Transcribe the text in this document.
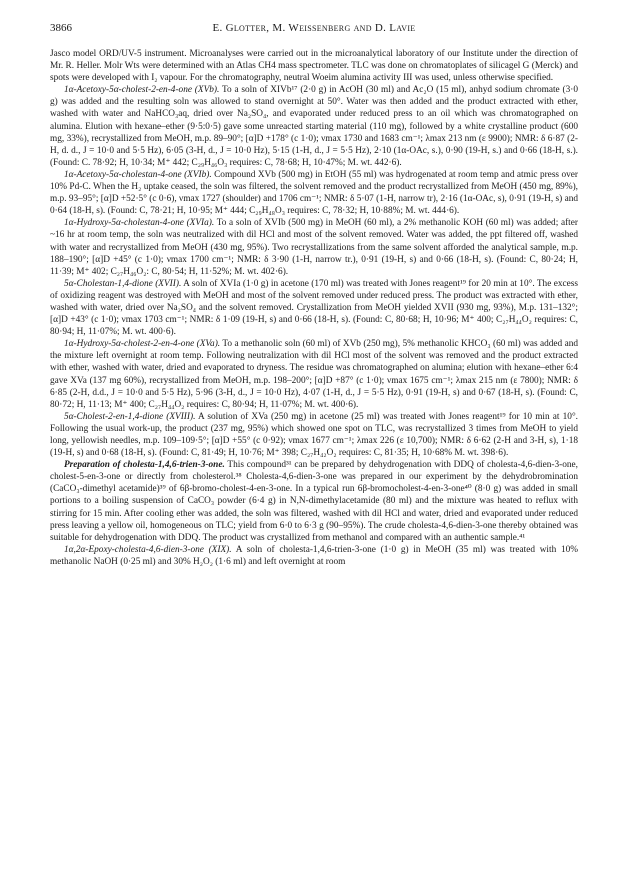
3866	E. Glotter, M. Weissenberg and D. Lavie

Jasco model ORD/UV-5 instrument. Microanalyses were carried out in the microanalytical laboratory of our Institute under the direction of Mr. R. Heller. Molr Wts were determined with an Atlas CH4 mass spectrometer. TLC was done on chromatoplates of silicagel G (Merck) and spots were developed with I₂ vapour. For the chromatography, neutral Woeim alumina activity III was used, unless otherwise specified.

1α-Acetoxy-5α-cholest-2-en-4-one (XVb). To a soln of XIVb¹⁷ (2·0 g) in AcOH (30 ml) and Ac₂O (15 ml), anhyd sodium chromate (3·0 g) was added and the resulting soln was allowed to stand overnight at 50°. Water was then added and the product extracted with ether, washed with water and NaHCO₃aq, dried over Na₂SO₄, and evaporated under reduced press to an oil which was chromatographed on alumina. Elution with hexane–ether (9·5:0·5) gave some unreacted starting material (110 mg), followed by a white crystalline product (600 mg, 33%), recrystallized from MeOH, m.p. 89–90°; [α]D +178° (c 1·0); νmax 1730 and 1683 cm⁻¹; λmax 213 nm (ε 9900); NMR: δ 6·87 (2-H, d. d., J = 10·0 and 5·5 Hz), 6·05 (3-H, d., J = 10·0 Hz), 5·15 (1-H, d., J = 5·5 Hz), 2·10 (1α-OAc, s.), 0·90 (19-H, s.) and 0·66 (18-H, s.). (Found: C. 78·92; H, 10·34; M⁺ 442; C₂₉H₄₆O₃ requires: C, 78·68; H, 10·47%; M. wt. 442·6).

1α-Acetoxy-5α-cholestan-4-one (XVIb). Compound XVb (500 mg) in EtOH (55 ml) was hydrogenated at room temp and atmic press over 10% Pd-C. When the H₂ uptake ceased, the soln was filtered, the solvent removed and the product recrystallized from MeOH (450 mg, 89%), m.p. 93–95°; [α]D +52·5° (c 0·6), νmax 1727 (shoulder) and 1706 cm⁻¹; NMR: δ 5·07 (1-H, narrow tr), 2·16 (1α-OAc, s), 0·91 (19-H, s) and 0·64 (18-H, s). (Found: C, 78·21; H, 10·95; M⁺ 444; C₂₉H₄₈O₃ requires: C, 78·32; H, 10·88%; M. wt. 444·6).

1α-Hydroxy-5α-cholestan-4-one (XVIa). To a soln of XVIb (500 mg) in MeOH (60 ml), a 2% methanolic KOH (60 ml) was added; after ~16 hr at room temp, the soln was neutralized with dil HCl and most of the solvent removed. Water was added, the ppt filtered off, washed with water and recrystallized from MeOH (430 mg, 95%). Two recrystallizations from the same solvent afforded the analytical sample, m.p. 188–190°; [α]D +45° (c 1·0); νmax 1700 cm⁻¹; NMR: δ 3·90 (1-H, narrow tr.), 0·91 (19-H, s) and 0·66 (18-H, s). (Found: C, 80·24; H, 11·39; M⁺ 402; C₂₇H₄₆O₂: C, 80·54; H, 11·52%; M. wt. 402·6).

5α-Cholestan-1,4-dione (XVII). A soln of XVIa (1·0 g) in acetone (170 ml) was treated with Jones reagent¹⁹ for 20 min at 10°. The excess of oxidizing reagent was destroyed with MeOH and most of the solvent removed under reduced press. The product was extracted with ether, washed with water, dried over Na₂SO₄ and the solvent removed. Crystallization from MeOH yielded XVII (930 mg, 93%), M.p. 131–132°; [α]D +43° (c 1·0); νmax 1703 cm⁻¹; NMR: δ 1·09 (19-H, s) and 0·66 (18-H, s). (Found: C, 80·68; H, 10·96; M⁺ 400; C₂₇H₄₄O₂ requires: C, 80·94; H, 11·07%; M. wt. 400·6).

1α-Hydroxy-5α-cholest-2-en-4-one (XVa). To a methanolic soln (60 ml) of XVb (250 mg), 5% methanolic KHCO₃ (60 ml) was added and the mixture left overnight at room temp. Following neutralization with dil HCl most of the solvent was removed and the product extracted with ether, washed with water, dried and evaporated to dryness. The residue was chromatographed on alumina; elution with hexane–ether 6:4 gave XVa (137 mg 60%), recrystallized from MeOH, m.p. 198–200°; [α]D +87° (c 1·0); νmax 1675 cm⁻¹; λmax 215 nm (ε 7800); NMR: δ 6·85 (2-H, d.d., J = 10·0 and 5·5 Hz), 5·96 (3-H, d., J = 10·0 Hz), 4·07 (1-H, d., J = 5·5 Hz), 0·91 (19-H, s) and 0·67 (18-H, s). (Found: C, 80·72; H, 11·13; M⁺ 400; C₂₇H₄₄O₂ requires: C, 80·94; H, 11·07%; M. wt. 400·6).

5α-Cholest-2-en-1,4-dione (XVIII). A solution of XVa (250 mg) in acetone (25 ml) was treated with Jones reagent¹⁹ for 10 min at 10°. Following the usual work-up, the product (237 mg, 95%) which showed one spot on TLC, was recrystallized 3 times from MeOH to yield long, yellowish needles, m.p. 109–109·5°; [α]D +55° (c 0·92); νmax 1677 cm⁻¹; λmax 226 (ε 10,700); NMR: δ 6·62 (2-H and 3-H, s), 1·18 (19-H, s) and 0·68 (18-H, s). (Found: C, 81·49; H, 10·76; M⁺ 398; C₂₇H₄₂O₂ requires: C, 81·35; H, 10·68% M. wt. 398·6).

Preparation of cholesta-1,4,6-trien-3-one. This compound³¹ can be prepared by dehydrogenation with DDQ of cholesta-4,6-dien-3-one, cholest-5-en-3-one or directly from cholesterol.³⁸ Cholesta-4,6-dien-3-one was prepared in our experiment by the dehydrobromination (CaCO₃-dimethyl acetamide)³⁹ of 6β-bromo-cholest-4-en-3-one. In a typical run 6β-bromocholest-4-en-3-one⁴⁰ (8·0 g) was added in small portions to a boiling suspension of CaCO₃ powder (6·4 g) in N,N-dimethylacetamide (80 ml) and the mixture was heated to reflux with stirring for 15 min. After cooling ether was added, the soln was filtered, washed with dil HCl and water, dried and evaporated under reduced press leaving a yellow oil, homogeneous on TLC; yield from 6·0 to 6·3 g (90–95%). The crude cholesta-4,6-dien-3-one thereby obtained was suitable for dehydrogenation with DDQ. The product was crystallized from methanol and compared with an authentic sample.⁴¹

1α,2α-Epoxy-cholesta-4,6-dien-3-one (XIX). A soln of cholesta-1,4,6-trien-3-one (1·0 g) in MeOH (35 ml) was treated with 10% methanolic NaOH (0·25 ml) and 30% H₂O₂ (1·6 ml) and left overnight at room
